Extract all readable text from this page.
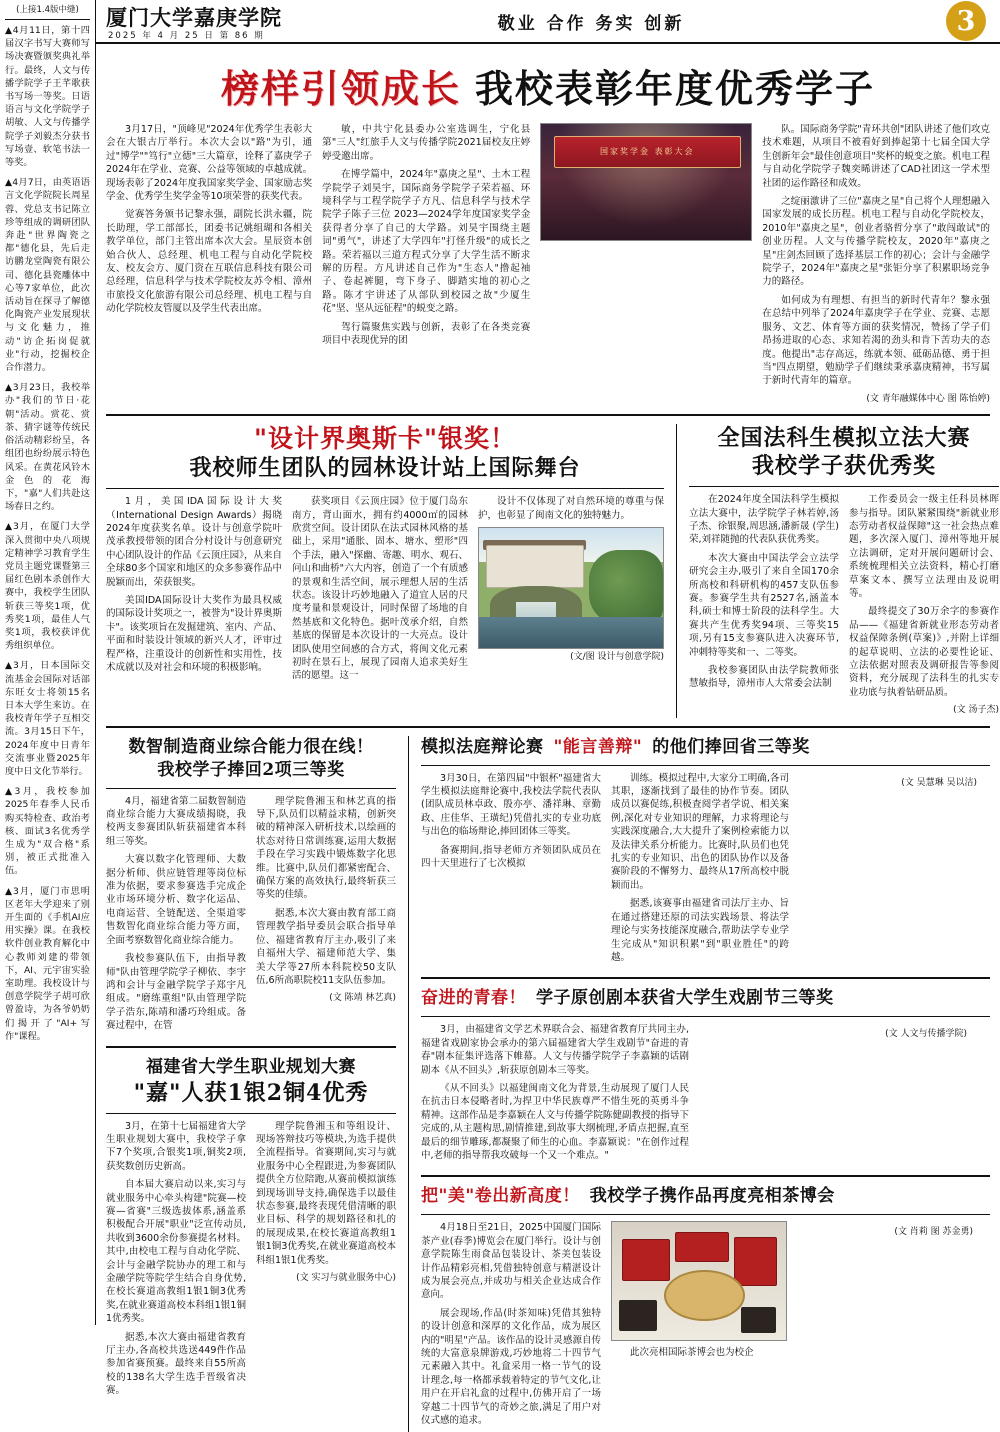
(上接1.4版中缝)
▲4月11日，第十四届汉字书写大赛师写场决赛暨颁奖典礼举行。最终，人文与传播学院学子王芊歌获书写场一等奖。日语语言与文化学院学子胡敏、人文与传播学院学子刘毅杰分获书写场壹、软笔书法一等奖。
▲4月7日，由英语语言文化学院院长周星蓉、党总支书记陈立珍等组成的调研团队奔赴"世界陶瓷之都"德化县，先后走访鹏龙堂陶瓷有限公司、德化县瓷雕体中心等7家单位，此次活动旨在探寻了解德化陶瓷产业发展现状与文化魅力，推动"访企拓岗促就业"行动，挖掘校企合作潜力。
▲3月23日，我校举办"我们的节日·花朝"活动。赏花、赏茶、猜字谜等传统民俗活动精彩纷呈，各组团也纷纷展示特色风采。在黄花风铃木金色的花海下，"嘉"人们共赴这场春日之约。
▲3月，在厦门大学深入贯彻中央八项规定精神学习教育学生党员主题党课暨第三届红色剧本杀创作大赛中，我校学生团队斩获三等奖1项，优秀奖1项，最佳人气奖1项，我校获评优秀组织单位。
▲3月，日本国际交流基金会国际对话部东旺女士将领15名日本大学生来访。在我校青年学子互相交流。3月15日下午，2024年度中日青年交流事业暨2025年度中日文化节举行。
▲3月，我校参加2025年春季人民币购买特检查、政治考核、面试3名优秀学生成为"双合格"系别，被正式批准入伍。
▲3月，厦门市思明区老年大学迎来了别开生面的《手机AI应用实操》课。在我校软件创业教育解化中心教师刘建的带领下，AI、元宇宙实验室助理。我校设计与创意学院学子胡可欣曾盈诗，为各爷奶奶们揭开了"AI+写作"课程。
厦门大学嘉庚学院
2025 年 4 月 25 日 第 86 期
敬业 合作 务实 创新	3
榜样引领成长 我校表彰年度优秀学子

3月17日，"顶峰见"2024年优秀学生表彰大会在大银古厅举行。本次大会以"路"为引，通过"博学""笃行"立德"三大篇章，诠释了嘉庚学子2024年在学业、竞赛、公益等领域的卓越成就。现场表彰了2024年度我国家奖学金、国家励志奖学金、优秀学生奖学金等10项荣誉的获奖代表。

觉赛答务颁书记黎永强，副院长洪永疆，院长助理，学工部部长，团委书记姚组瑚和各相关教学单位，部门主管出席本次大会。星辰资本创始合伙人、总经理、机电工程与自动化学院校友、校友会方、厦门资在互联信息科技有限公司总经理，信息科学与技术学院校友苏令相、漳州市旅投文化旅游有限公司总经理、机电工程与自动化学院校友管厦以及学生代表出席。

敏，中共宁化县委办公室选调生，宁化县第"三人"红旅手人文与传播学院2021届校友庄婷婷受邀出席。

在博学篇中，2024年"嘉庚之星"、土木工程学院学子刘昊宇，国际商务学院学子荣若福、环境科学与工程学院学子方凡、信息科学与技术学院学子陈子三位 2023—2024学年度国家奖学金获得者分享了自己的大学路。刘昊宇围绕主题词"勇气"，讲述了大学四年"打怪升级"的成长之路。荣若福以三道方程式分享了大学生活不断求解的历程。方凡讲述自己作为"生态人"撸起袖子、卷起裤腿，弯下身子、脚踏实地的初心之路。陈才宇讲述了从部队到校园之故"少厦生花"坚、坚从远征程"的蜕变之路。

驾行篇聚焦实践与创新，表彰了在各类竞赛项目中表现优异的团

国家奖学金 表彰大会

队。国际商务学院"青环共创"团队讲述了他们攻克技术难题，从项目不被看好到捧起第十七届全国大学生创新年会"最佳创意项目"奖杯的蜕变之旅。机电工程与自动化学院学子魏奕晞讲述了CAD社团这一学术型社团的运作路径和成效。

之绽丽激讲了三位"嘉庚之星"自己将个人理想融入国家发展的成长历程。机电工程与自动化学院校友，2010年"嘉庚之星"，创业者骆哲分享了"敢闯敢试"的创业历程。人文与传播学院校友，2020年"嘉庚之星"庄剑杰回顾了选择基层工作的初心；会计与金融学院学子，2024年"嘉庚之星"张钜分享了积累职场竞争力的路径。

如何成为有理想、有担当的新时代青年？黎永强在总结中列举了2024年嘉庚学子在学业、竞赛、志愿服务、文艺、体育等方面的获奖情况，赞扬了学子们昂扬进取的心态、求知若渴的劲头和肯下苦功夫的态度。他提出"志存高远，练就本领、砥砺品德、勇于担当"四点期望，勉励学子们继续秉承嘉庚精神，书写属于新时代青年的篇章。

(文 青年融媒体中心 图 陈怡婷)
"设计界奥斯卡"银奖！
我校师生团队的园林设计站上国际舞台

1月，美国IDA国际设计大奖（International Design Awards）揭晓2024年度获奖名单。设计与创意学院叶茂承教授带领的团合分村设计与创意研究中心团队设计的作品《云顶庄园》，从来自全球80多个国家和地区的众多参赛作品中脱颖而出，荣获银奖。

美国IDA国际设计大奖作为最具权威的国际设计奖项之一，被誉为"设计界奥斯卡"。该奖项旨在发掘建筑、室内、产品、平面和时装设计领域的新兴人才，评审过程严格，注重设计的创新性和实用性，技术成就以及对社会和环境的积极影响。

获奖项目《云顶庄园》位于厦门岛东南方，背山面水，拥有约4000㎡的园林欣赏空间。设计团队在法式园林风格的基础上，采用"通胀、固本、塘水、塑形"四个手法，融入"探幽、寄趣、明水、观石、问山和曲桥"六大内容，创造了一个有质感的景观和生活空间，展示理想人居的生活状态。该设计巧妙地融入了道宜人居的尺度考量和景观设计，同时保留了场地的自然基底和文化特色。据叶茂承介绍，自然基底的保留是本次设计的一大亮点。设计团队使用空间感的合方式，将闽文化元素初时在景石上，展现了园南人追求美好生活的愿望。这一

设计不仅体现了对自然环境的尊重与保护，也彰显了闽南文化的独特魅力。

(文/图 设计与创意学院)
全国法科生模拟立法大赛
我校学子获优秀奖

在2024年度全国法科学生模拟立法大赛中，法学院学子林若婷,汤子杰、徐银聚,周思涵,潘新晟 (学生)荣,刘祥随抛的代表队获优秀奖。

本次大赛由中国法学会立法学研究会主办,吸引了来自全国170余所高校和科研机构的457支队伍参赛。参赛学生共有2527名,涵盖本科,硕士和博士阶段的法科学生。大赛共产生优秀奖94项、三等奖15项,另有15支参赛队进入决赛环节,冲刺特等奖和一、二等奖。

我校参赛团队由法学院教师张慧敏指导，漳州市人大常委会法制

工作委员会一级主任科员林晖参与指导。团队紧紧围绕"新就业形态劳动者权益保障"这一社会热点难题，多次深入厦门、漳州等地开展立法调研，定对开展问题研讨会、系统梳理相关立法资料，精心打磨草案文本、撰写立法理由及说明等。

最终提交了30万余字的参赛作品——《福建省新就业形态劳动者权益保障条例(草案)》,并附上详细的起草说明、立法的必要性论证、立法依据对照表及调研报告等参阅资料，充分展现了法科生的扎实专业功底与执着钻研品质。

(文 汤子杰)
数智制造商业综合能力很在线！
我校学子捧回2项三等奖

4月，福建省第二届数智制造商业综合能力大赛成绩揭晓，我校两支参赛团队斩获福建省本科组三等奖。

大赛以数字化管理师、大数据分析师、供应链管理等岗位标准为依据，要求参赛选手完成企业市场环境分析、数字化运品、电商运营、全链配送、全渠道零售数智化商业综合能力等方面，全面考察数智化商业综合能力。

我校参赛队伍下，由指导教师"队由管理学院学子柳依、李宇鸿和会计与金融学院学子郑宇凡组成。"磨练重组"队由管理学院学子浩东,陈靖和潘巧玲组成。备赛过程中，在管

理学院鲁湘玉和林艺真的指导下,队员们以精益求精，创新突破的精神深入研析技术,以绘画的状态对待日常训练赛,运用大数据手段在学习实践中锻炼数字化思维。比赛中,队员们都紧密配合、确保方案的高效执行,最终斩获三等奖的佳绩。

据悉,本次大赛由教育部工商管理教学指导委员会联合指导单位、福建省教育厅主办,吸引了来自福州大学、福建师范大学、集美大学等27所本科院校50支队伍,6所高职院校11支队伍参加。

(文 陈靖 林艺真)
福建省大学生职业规划大赛
"嘉"人获1银2铜4优秀

3月，在第十七届福建省大学生职业规划大赛中，我校学子拿下7个奖项,合银奖1项,铜奖2项,获奖数创历史新高。

自本届大赛启动以来,实习与就业服务中心牵头构建"院赛—校赛—省赛"三级选拔体系,涵盖系积极配合开展"职业"泛宣传动员,共收到3600余份参赛提名材料。其中,由校电工程与自动化学院、会计与金融学院协办的理工和与金融学院等院学生结合自身优势,在校长赛道高教组1银1铜3优秀奖,在就业赛道高校本科组1银1铜1优秀奖。

据悉,本次大赛由福建省教育厅主办,各高校共选送449件作品参加省赛预赛。最终来自55所高校的138名大学生选手晋级省决赛。

理学院鲁湘玉和等组设计、现场答辩技巧等模块,为选手提供全流程指导。省赛期间,实习与就业服务中心全程跟进,为参赛团队提供全方位陪跑,从赛前模拟演练到现场训导支持,确保选手以最佳状态参赛,最终表现凭借清晰的职业目标、科学的规划路径和扎的的展现成果,在校长赛道高教组1银1铜3优秀奖,在就业赛道高校本科组1银1优秀奖。

(文 实习与就业服务中心)
模拟法庭辩论赛 "能言善辩" 的他们捧回省三等奖

3月30日，在第四届"中银杯"福建省大学生模拟法庭辩论赛中,我校法学院代表队 (团队成员林卓政、殷亦亭、潘祥琳、章勤政、庄佳华、王璜纪)凭借扎实的专业功底与出色的临场辩论,捧回团体三等奖。

备赛期间,指导老师方齐领团队成员在四十天里进行了七次模拟

训练。模拟过程中,大家分工明确,各司其职，逐渐找到了最佳的协作节奏。团队成员以赛促练,积极査阅学者学说、相关案例,深化对专业知识的理解，力求将理论与实践深度融合,大大提升了案例检索能力以及法律关系分析能力。比赛时,队员们也凭扎实的专业知识、出色的团队协作以及备赛阶段的不懈努力、最终从17所高校中脱颖而出。

据悉,该赛事由福建省司法厅主办、旨在通过搭建还原的司法实践场景、将法学理论与实务技能深度融合,帮助法学专业学生完成从"知识积累"到"职业胜任"的跨越。

(文 吴慧琳 吴以洁)
奋进的青春！ 学子原创剧本获省大学生戏剧节三等奖

3月，由福建省文学艺术界联合会、福建省教育厅共同主办,福建省戏剧家协会承办的第六届福建省大学生戏剧节"奋进的青春"剧本征集评选落下帷幕。人文与传播学院学子李嘉颖的话剧剧本《从不回头》,斩获原创剧本三等奖。

《从不回头》以福建闽南文化为背景,生动展现了厦门人民在抗击日本侵略者时,为捍卫中华民族尊严不惜生死的英勇斗争精神。这部作品是李嘉颖在人文与传播学院陈健副教授的指导下完成的,从主题构思,剧情推建,到故事大纲梳理,矛盾点把握,直至最后的细节雕琢,都凝聚了师生的心血。李嘉颖说："在创作过程中,老师的指导帮我攻破每一个又一个难点。"

(文 人文与传播学院)
把"美"卷出新高度！ 我校学子携作品再度亮相茶博会

4月18日至21日，2025中国厦门国际茶产业(春季)博览会在厦门举行。设计与创意学院陈生雨食品包装设计、茶美包装设计作品精彩亮相,凭借独特创意与精湛设计成为展会亮点,并成功与相关企业达成合作意向。

展会现场,作品(时茶知味)凭借其独特的设计创意和深厚的文化作品，成为展区内的"明星"产品。该作品的设计灵感源自传统的大富意泉牌游戏,巧妙地将二十四节气元素融入其中。礼盒采用一格一节气的设计理念,每一格都承载着特定的节气文化,让用户在开启礼盒的过程中,仿佛开启了一场穿越二十四节气的奇妙之旅,满足了用户对仪式感的追求。

此次亮相国际茶博会也为校企

(文 肖莉 图 苏金勇)
